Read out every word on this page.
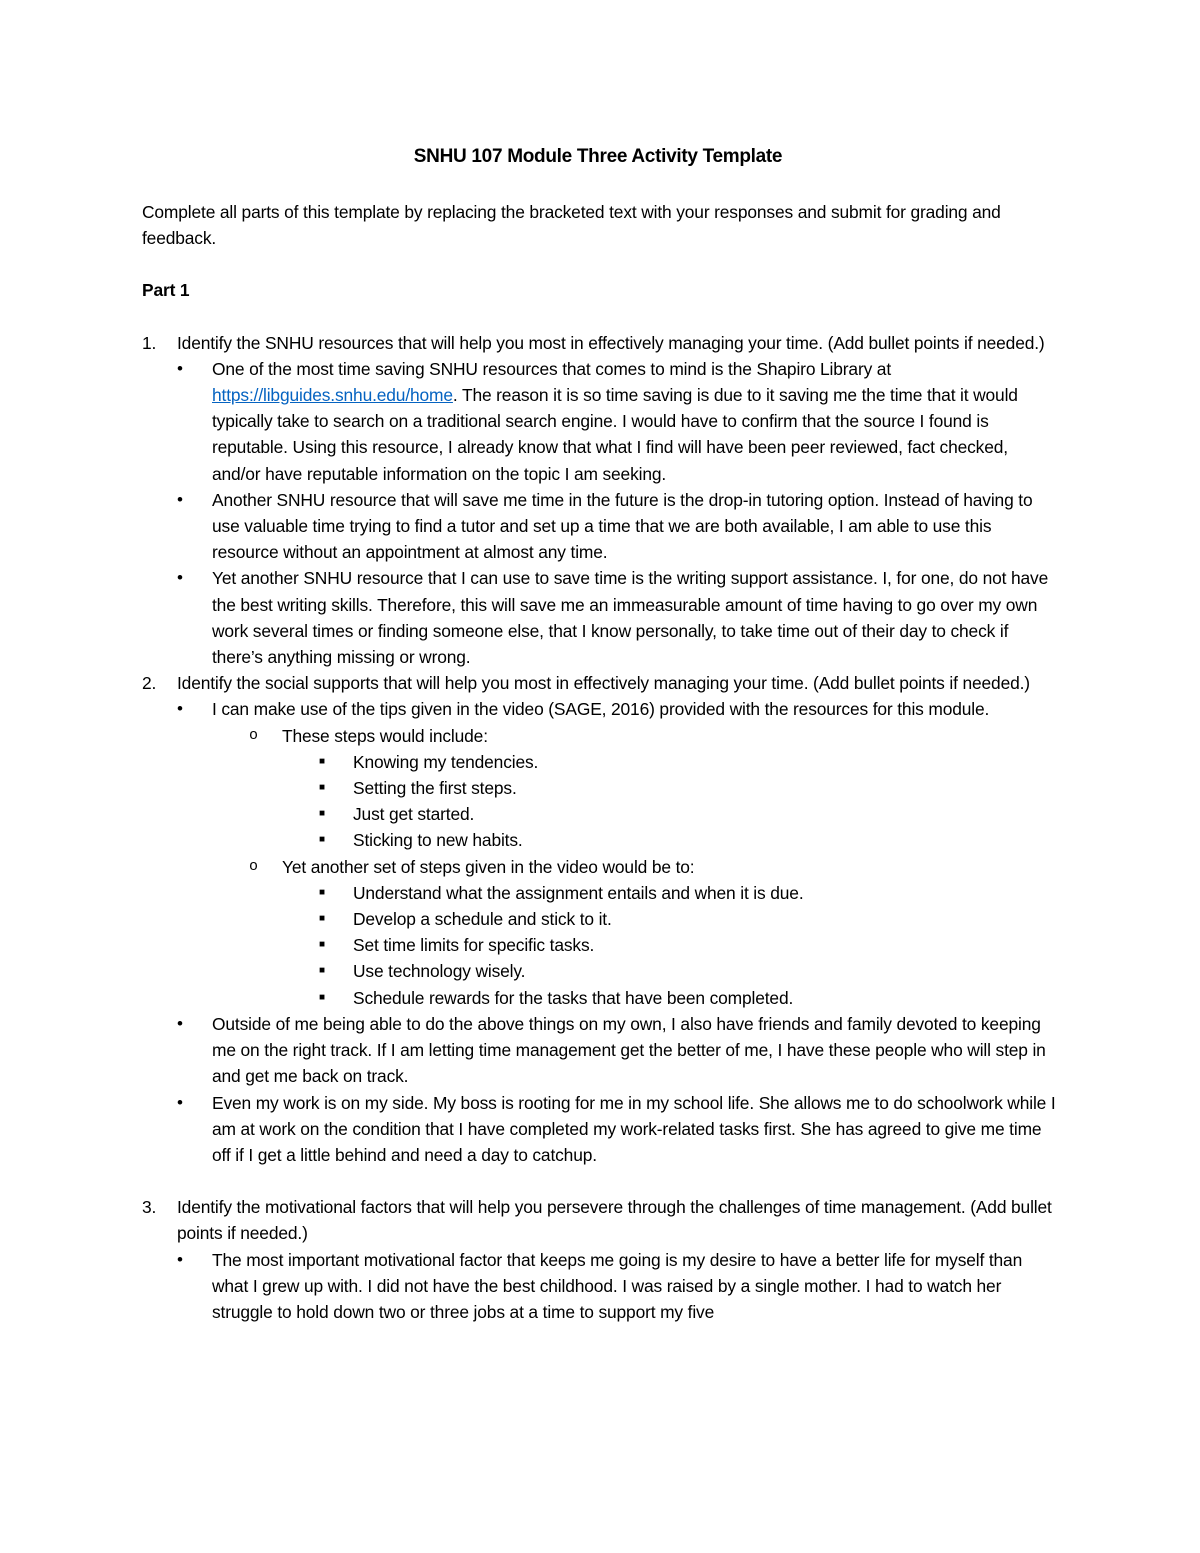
SNHU 107 Module Three Activity Template

Complete all parts of this template by replacing the bracketed text with your responses and submit for grading and feedback.

Part 1
1. Identify the SNHU resources that will help you most in effectively managing your time. (Add bullet points if needed.)
• One of the most time saving SNHU resources that comes to mind is the Shapiro Library at https://libguides.snhu.edu/home. The reason it is so time saving is due to it saving me the time that it would typically take to search on a traditional search engine. I would have to confirm that the source I found is reputable. Using this resource, I already know that what I find will have been peer reviewed, fact checked, and/or have reputable information on the topic I am seeking.
• Another SNHU resource that will save me time in the future is the drop-in tutoring option. Instead of having to use valuable time trying to find a tutor and set up a time that we are both available, I am able to use this resource without an appointment at almost any time.
• Yet another SNHU resource that I can use to save time is the writing support assistance. I, for one, do not have the best writing skills. Therefore, this will save me an immeasurable amount of time having to go over my own work several times or finding someone else, that I know personally, to take time out of their day to check if there’s anything missing or wrong.
2. Identify the social supports that will help you most in effectively managing your time. (Add bullet points if needed.)
• I can make use of the tips given in the video (SAGE, 2016) provided with the resources for this module.
o These steps would include:
■ Knowing my tendencies.
■ Setting the first steps.
■ Just get started.
■ Sticking to new habits.
o Yet another set of steps given in the video would be to:
■ Understand what the assignment entails and when it is due.
■ Develop a schedule and stick to it.
■ Set time limits for specific tasks.
■ Use technology wisely.
■ Schedule rewards for the tasks that have been completed.
• Outside of me being able to do the above things on my own, I also have friends and family devoted to keeping me on the right track. If I am letting time management get the better of me, I have these people who will step in and get me back on track.
• Even my work is on my side. My boss is rooting for me in my school life. She allows me to do schoolwork while I am at work on the condition that I have completed my work-related tasks first. She has agreed to give me time off if I get a little behind and need a day to catchup.
3. Identify the motivational factors that will help you persevere through the challenges of time management. (Add bullet points if needed.)
• The most important motivational factor that keeps me going is my desire to have a better life for myself than what I grew up with. I did not have the best childhood. I was raised by a single mother. I had to watch her struggle to hold down two or three jobs at a time to support my five
